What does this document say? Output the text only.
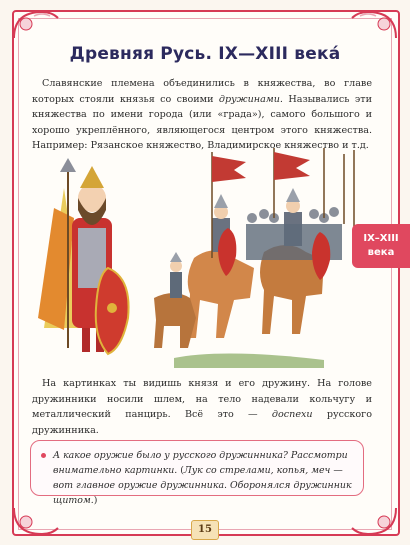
Древняя Русь. IX—XIII века́
Славянские племена объединились в княжества, во главе которых стояли князья со своими дружинами. Назывались эти княжества по имени города (или «града»), самого большого и хорошо укреплённого, являющегося центром этого княжества. Например: Рязанское княжество, Владимирское княжество и т.д.
IX–XIII
века
На картинках ты видишь князя и его дружину. На голове дружинники носили шлем, на тело надевали кольчугу и металлический панцирь. Всё это — доспехи русского дружинника.
А какое оружие было у русского дружинника? Рассмотри внимательно картинки. (Лук со стрелами, копья, меч — вот главное оружие дружинника. Оборонялся дружинник щитом.)
15
